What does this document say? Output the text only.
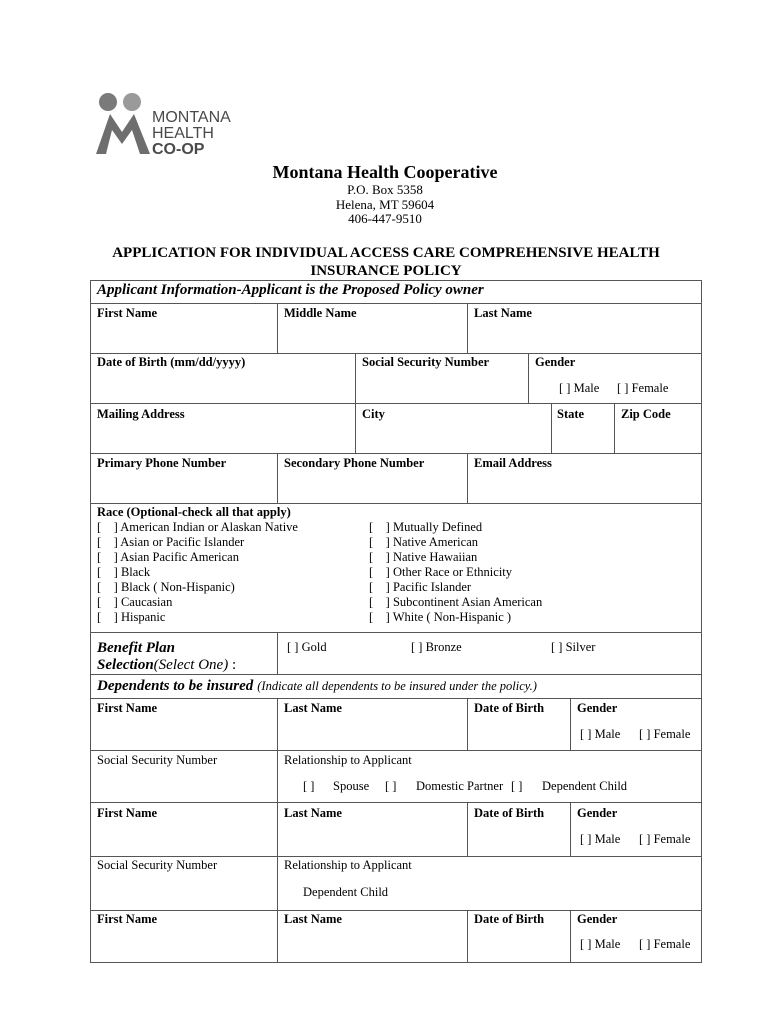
MONTANA
HEALTH
CO-OP
Montana Health Cooperative
P.O. Box 5358
Helena, MT 59604
406-447-9510
APPLICATION FOR INDIVIDUAL ACCESS CARE COMPREHENSIVE HEALTH INSURANCE POLICY
Applicant Information-Applicant is the Proposed Policy owner
First Name	Middle Name	Last Name
Date of Birth (mm/dd/yyyy)	Social Security Number	Gender
[ ] Male [ ] Female
Mailing Address	City	State	Zip Code
Primary Phone Number	Secondary Phone Number	Email Address
Race (Optional-check all that apply)
[    ] American Indian or Alaskan Native
[    ] Asian or Pacific Islander
[    ] Asian Pacific American
[    ] Black
[    ] Black ( Non-Hispanic)
[    ] Caucasian
[    ] Hispanic
[    ] Mutually Defined
[    ] Native American
[    ] Native Hawaiian
[    ] Other Race or Ethnicity
[    ] Pacific Islander
[    ] Subcontinent Asian American
[    ] White ( Non-Hispanic )
Benefit Plan
Selection(Select One) :
[ ] Gold	[ ] Bronze	[ ] Silver
Dependents to be insured (Indicate all dependents to be insured under the policy.)
First Name	Last Name	Date of Birth	Gender
[ ] Male [ ] Female
Social Security Number	Relationship to Applicant
[ ] Spouse [ ] Domestic Partner [ ] Dependent Child
First Name	Last Name	Date of Birth	Gender
[ ] Male [ ] Female
Social Security Number	Relationship to Applicant
Dependent Child
First Name	Last Name	Date of Birth	Gender
[ ] Male [ ] Female
